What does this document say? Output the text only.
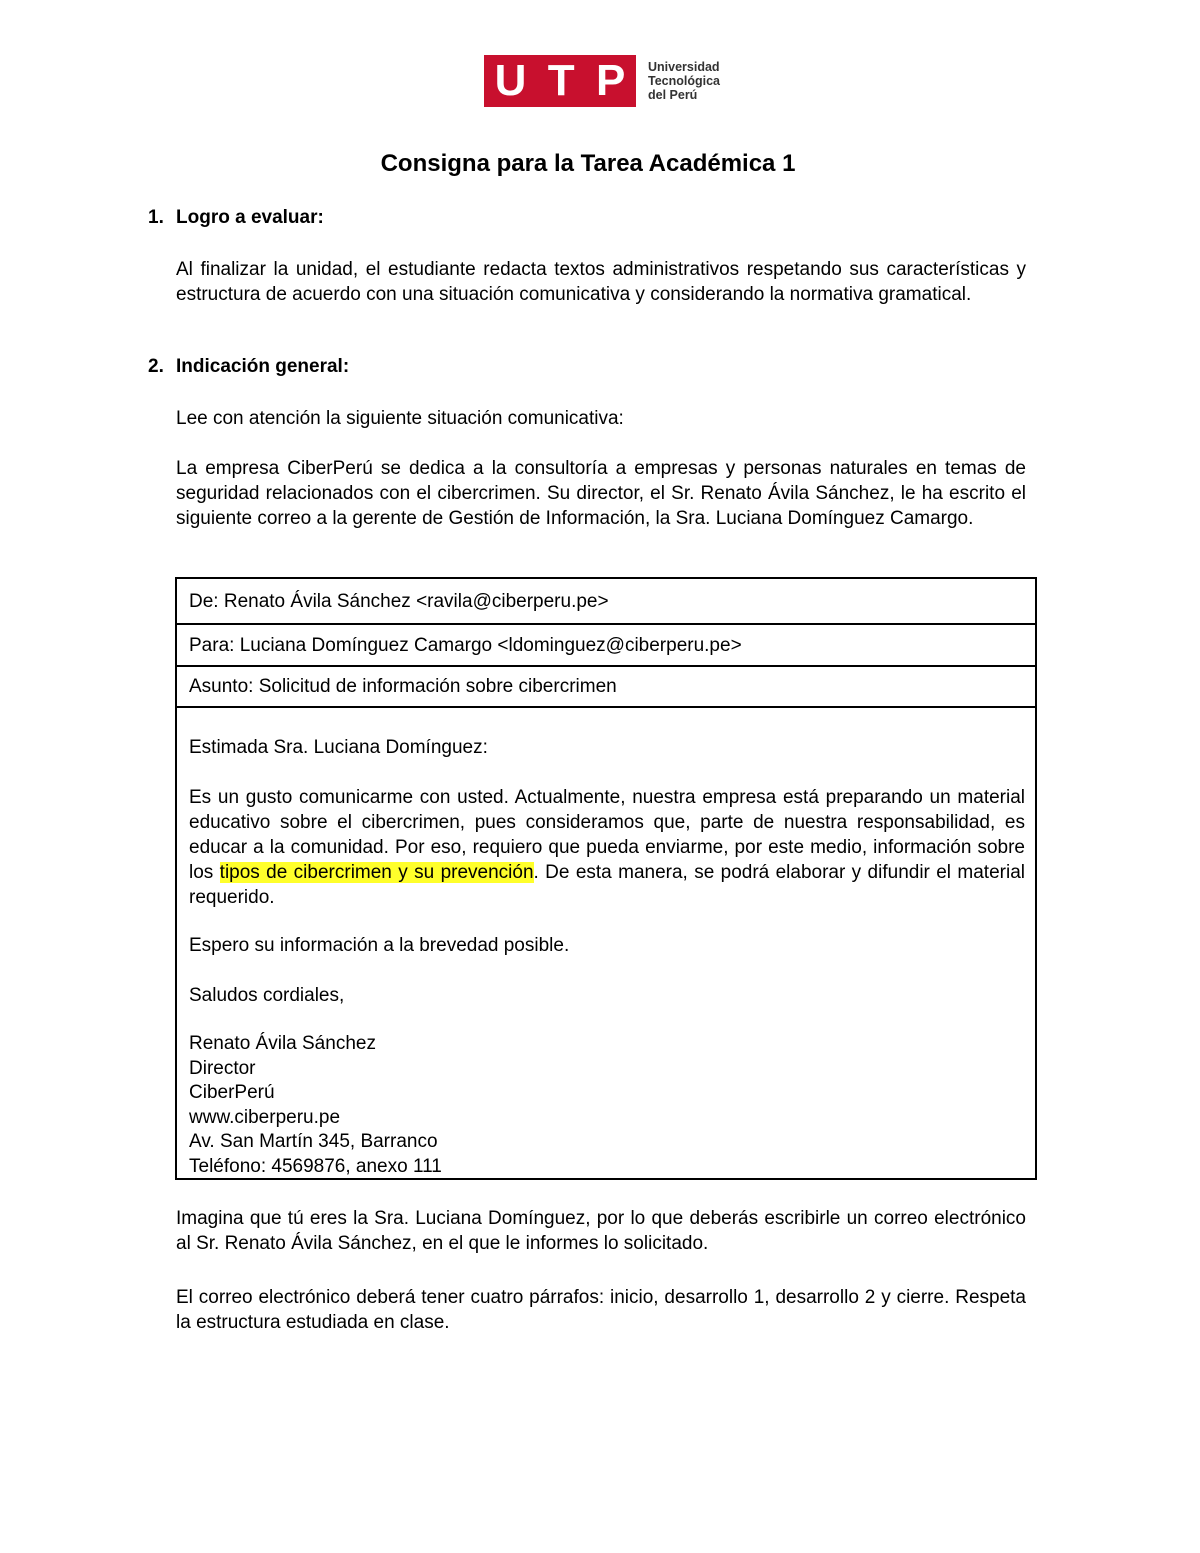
U T P Universidad
Tecnológica
del Perú
Consigna para la Tarea Académica 1
1. Logro a evaluar:
Al finalizar la unidad, el estudiante redacta textos administrativos respetando sus características y estructura de acuerdo con una situación comunicativa y considerando la normativa gramatical.
2. Indicación general:
Lee con atención la siguiente situación comunicativa:
La empresa CiberPerú se dedica a la consultoría a empresas y personas naturales en temas de seguridad relacionados con el cibercrimen. Su director, el Sr. Renato Ávila Sánchez, le ha escrito el siguiente correo a la gerente de Gestión de Información, la Sra. Luciana Domínguez Camargo.
De: Renato Ávila Sánchez <ravila@ciberperu.pe>
Para: Luciana Domínguez Camargo <ldominguez@ciberperu.pe>
Asunto: Solicitud de información sobre cibercrimen
Estimada Sra. Luciana Domínguez:
Es un gusto comunicarme con usted. Actualmente, nuestra empresa está preparando un material educativo sobre el cibercrimen, pues consideramos que, parte de nuestra responsabilidad, es educar a la comunidad. Por eso, requiero que pueda enviarme, por este medio, información sobre los tipos de cibercrimen y su prevención. De esta manera, se podrá elaborar y difundir el material requerido.
Espero su información a la brevedad posible.
Saludos cordiales,
Renato Ávila Sánchez
Director
CiberPerú
www.ciberperu.pe
Av. San Martín 345, Barranco
Teléfono: 4569876, anexo 111
Imagina que tú eres la Sra. Luciana Domínguez, por lo que deberás escribirle un correo electrónico al Sr. Renato Ávila Sánchez, en el que le informes lo solicitado.
El correo electrónico deberá tener cuatro párrafos: inicio, desarrollo 1, desarrollo 2 y cierre. Respeta la estructura estudiada en clase.
